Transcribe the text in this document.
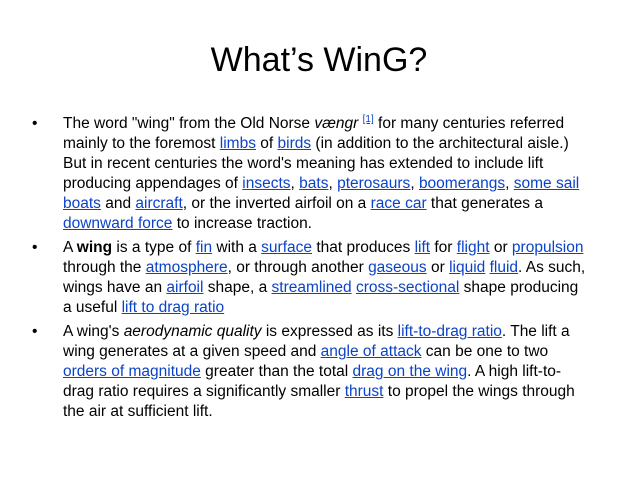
What’s WinG?
• The word "wing" from the Old Norse vængr [1] for many centuries referred mainly to the foremost limbs of birds (in addition to the architectural aisle.) But in recent centuries the word's meaning has extended to include lift producing appendages of insects, bats, pterosaurs, boomerangs, some sail boats and aircraft, or the inverted airfoil on a race car that generates a downward force to increase traction.
• A wing is a type of fin with a surface that produces lift for flight or propulsion through the atmosphere, or through another gaseous or liquid fluid. As such, wings have an airfoil shape, a streamlined cross-sectional shape producing a useful lift to drag ratio
• A wing's aerodynamic quality is expressed as its lift-to-drag ratio. The lift a wing generates at a given speed and angle of attack can be one to two orders of magnitude greater than the total drag on the wing. A high lift-to-drag ratio requires a significantly smaller thrust to propel the wings through the air at sufficient lift.
